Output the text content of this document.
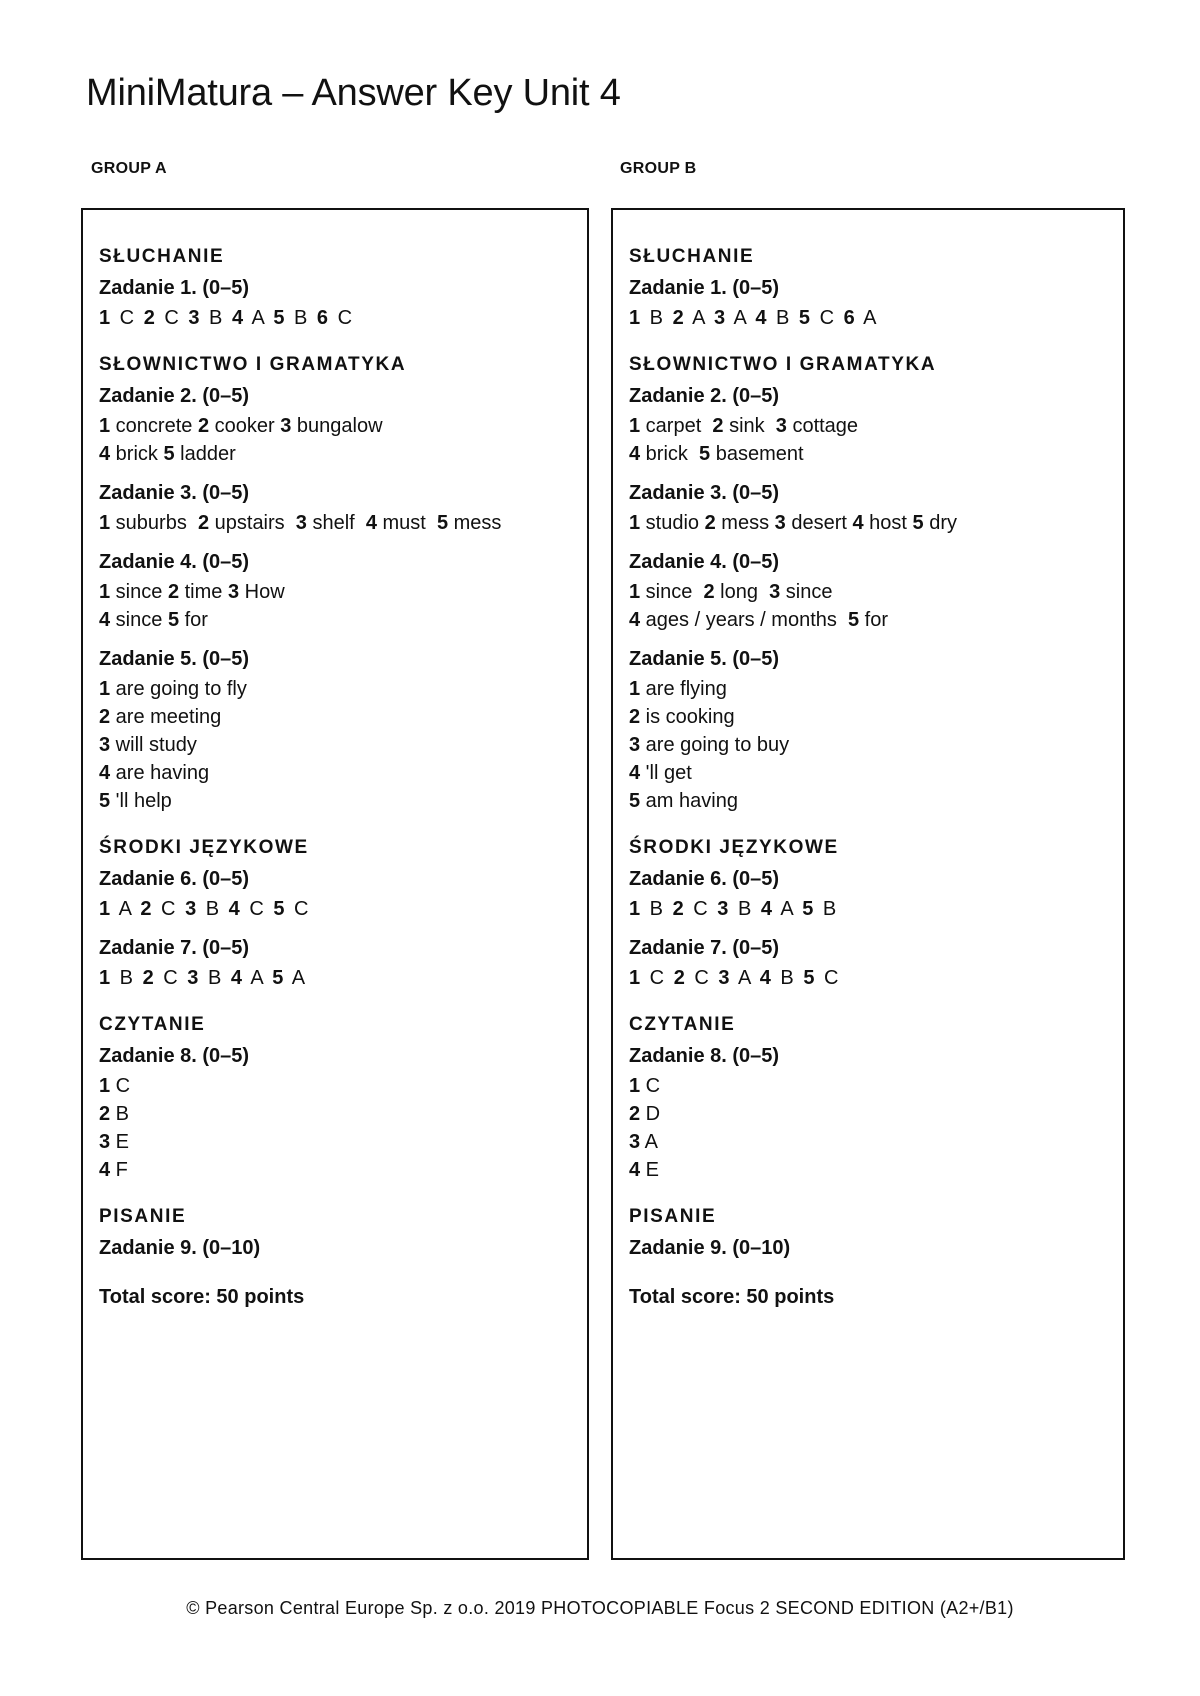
MiniMatura – Answer Key Unit 4
GROUP A	GROUP B
SŁUCHANIE
Zadanie 1. (0–5)
1 C 2 C 3 B 4 A 5 B 6 C
SŁOWNICTWO I GRAMATYKA
Zadanie 2. (0–5)
1 concrete 2 cooker 3 bungalow
4 brick 5 ladder
Zadanie 3. (0–5)
1 suburbs  2 upstairs  3 shelf  4 must  5 mess
Zadanie 4. (0–5)
1 since 2 time 3 How
4 since 5 for
Zadanie 5. (0–5)
1 are going to fly
2 are meeting
3 will study
4 are having
5 'll help
ŚRODKI JĘZYKOWE
Zadanie 6. (0–5)
1 A 2 C 3 B 4 C 5 C
Zadanie 7. (0–5)
1 B 2 C 3 B 4 A 5 A
CZYTANIE
Zadanie 8. (0–5)
1 C
2 B
3 E
4 F
PISANIE
Zadanie 9. (0–10)
Total score: 50 points
SŁUCHANIE
Zadanie 1. (0–5)
1 B 2 A 3 A 4 B 5 C 6 A
SŁOWNICTWO I GRAMATYKA
Zadanie 2. (0–5)
1 carpet  2 sink  3 cottage
4 brick  5 basement
Zadanie 3. (0–5)
1 studio 2 mess 3 desert 4 host 5 dry
Zadanie 4. (0–5)
1 since  2 long  3 since
4 ages / years / months  5 for
Zadanie 5. (0–5)
1 are flying
2 is cooking
3 are going to buy
4 'll get
5 am having
ŚRODKI JĘZYKOWE
Zadanie 6. (0–5)
1 B 2 C 3 B 4 A 5 B
Zadanie 7. (0–5)
1 C 2 C 3 A 4 B 5 C
CZYTANIE
Zadanie 8. (0–5)
1 C
2 D
3 A
4 E
PISANIE
Zadanie 9. (0–10)
Total score: 50 points
© Pearson Central Europe Sp. z o.o. 2019 PHOTOCOPIABLE Focus 2 SECOND EDITION (A2+/B1)
